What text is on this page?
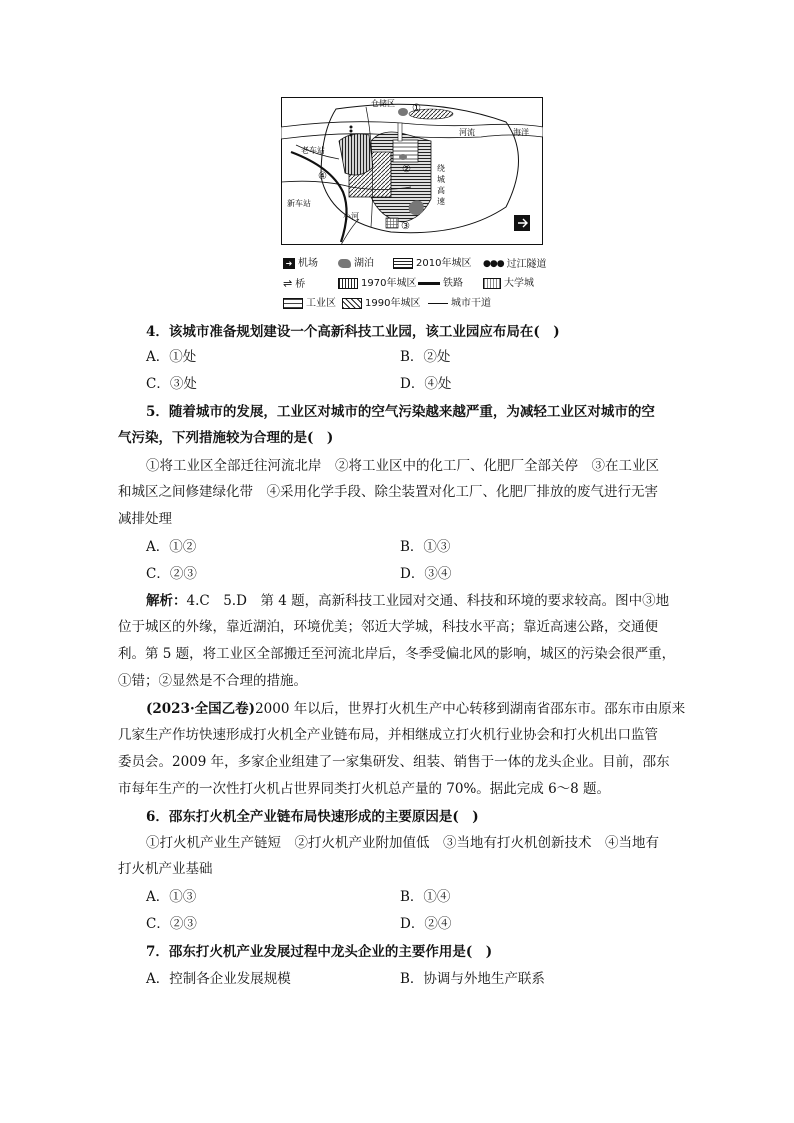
仓储区 ①
河流	海洋
老车站
②
④
绕
城
高
速
新车站
小河
③
➜ 机场	湖泊	2010年城区 ●●● 过江隧道
⇌ 桥	1970年城区	铁路	大学城
工业区	1990年城区	城市干道
4．该城市准备规划建设一个高新科技工业园，该工业园应布局在(　)
A．①处	B．②处
C．③处	D．④处
5．随着城市的发展，工业区对城市的空气污染越来越严重，为减轻工业区对城市的空
气污染，下列措施较为合理的是(　)
①将工业区全部迁往河流北岸　②将工业区中的化工厂、化肥厂全部关停　③在工业区
和城区之间修建绿化带　④采用化学手段、除尘装置对化工厂、化肥厂排放的废气进行无害
减排处理
A．①②	B．①③
C．②③	D．③④
解析：4.C　5.D　第 4 题，高新科技工业园对交通、科技和环境的要求较高。图中③地
位于城区的外缘，靠近湖泊，环境优美；邻近大学城，科技水平高；靠近高速公路，交通便
利。第 5 题，将工业区全部搬迁至河流北岸后，冬季受偏北风的影响，城区的污染会很严重，
①错；②显然是不合理的措施。
(2023·全国乙卷)2000 年以后，世界打火机生产中心转移到湖南省邵东市。邵东市由原来
几家生产作坊快速形成打火机全产业链布局，并相继成立打火机行业协会和打火机出口监管
委员会。2009 年，多家企业组建了一家集研发、组装、销售于一体的龙头企业。目前，邵东
市每年生产的一次性打火机占世界同类打火机总产量的 70%。据此完成 6～8 题。
6．邵东打火机全产业链布局快速形成的主要原因是(　)
①打火机产业生产链短　②打火机产业附加值低　③当地有打火机创新技术　④当地有
打火机产业基础
A．①③	B．①④
C．②③	D．②④
7．邵东打火机产业发展过程中龙头企业的主要作用是(　)
A．控制各企业发展规模	B．协调与外地生产联系
